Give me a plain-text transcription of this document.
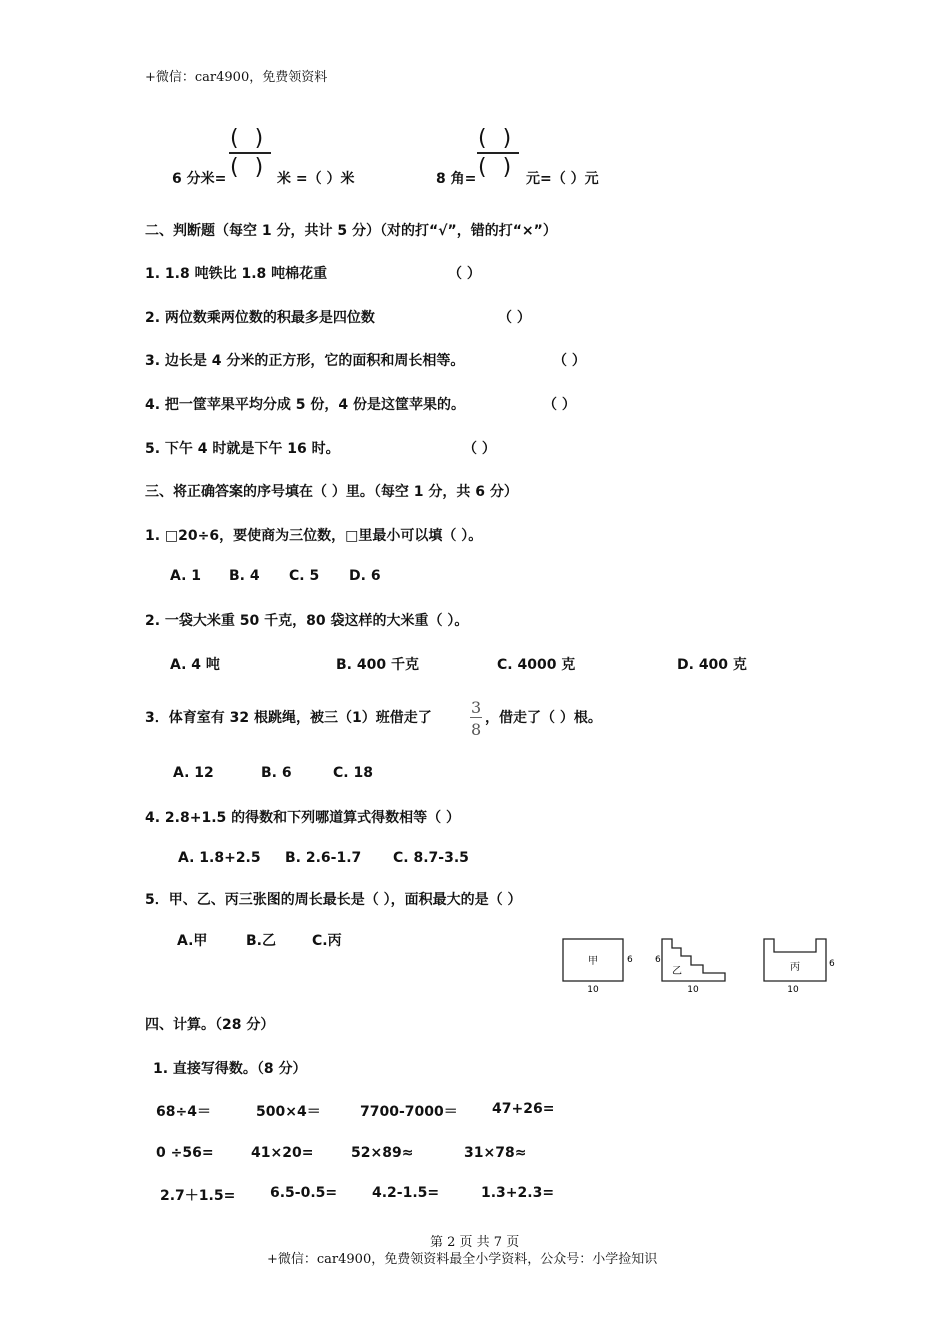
+微信：car4900，免费领资料
( )
( )
6 分米=	米 =（ ）米
( )
( )
8 角=	元=（ ）元
二、判断题（每空 1 分，共计 5 分）（对的打“√”，错的打“×”）
1. 1.8 吨铁比 1.8 吨棉花重	（ ）
2. 两位数乘两位数的积最多是四位数	（ ）
3. 边长是 4 分米的正方形，它的面积和周长相等。	（ ）
4. 把一筐苹果平均分成 5 份，4 份是这筐苹果的。	（ ）
5. 下午 4 时就是下午 16 时。	（ ）
三、将正确答案的序号填在（ ）里。（每空 1 分，共 6 分）
1. □20÷6，要使商为三位数，□里最小可以填（ ）。
A. 1 B. 4 C. 5 D. 6
2. 一袋大米重 50 千克，80 袋这样的大米重（ ）。
A. 4 吨	B. 400 千克	C. 4000 克	D. 400 克
3．体育室有 32 根跳绳，被三（1）班借走了
3
8
，借走了（ ）根。
A. 12	B. 6	C. 18
4. 2.8+1.5 的得数和下列哪道算式得数相等（ ）
A. 1.8+2.5 B. 2.6-1.7 C. 8.7-3.5
5．甲、乙、丙三张图的周长最长是（ ），面积最大的是（ ）
A.甲	B.乙	C.丙
甲	6
10
乙
6
10
丙	6
10
四、计算。（28 分）
1. 直接写得数。（8 分）
68÷4＝	500×4＝	7700-7000＝ 47+26=
0 ÷56=	41×20=	52×89≈	31×78≈
2.7＋1.5= 6.5-0.5= 4.2-1.5=	1.3+2.3=
第 2 页 共 7 页
+微信：car4900，免费领资料最全小学资料，公众号：小学捡知识
